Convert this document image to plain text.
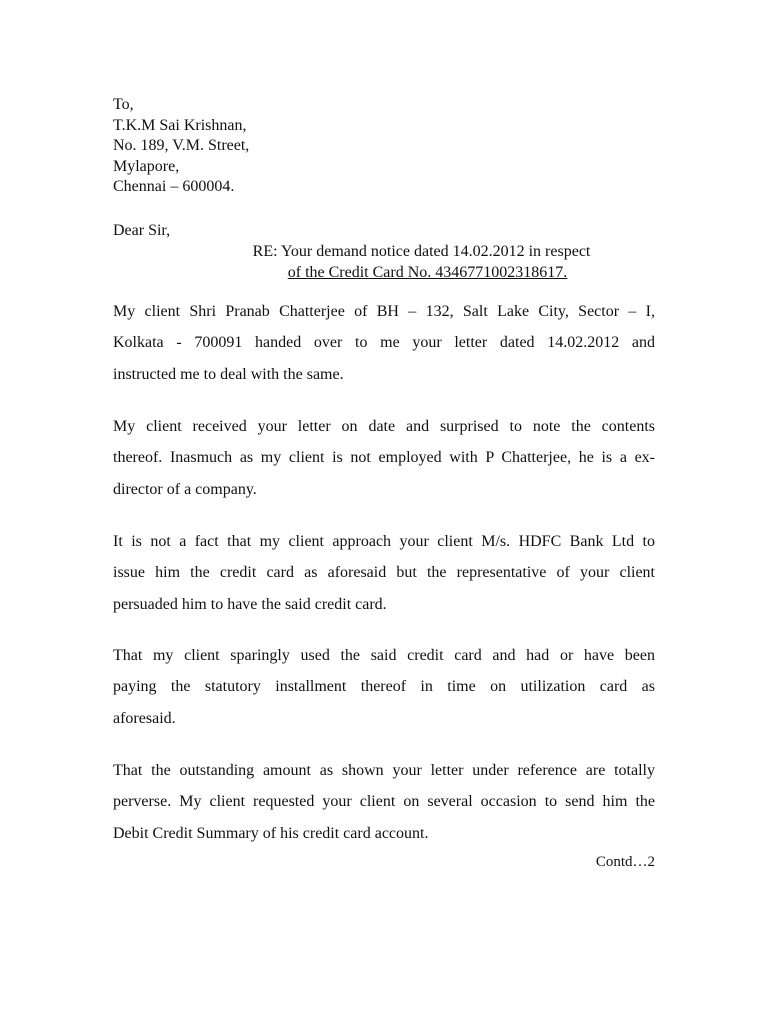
To,
T.K.M Sai Krishnan,
No. 189, V.M. Street,
Mylapore,
Chennai – 600004.
Dear Sir,
RE: Your demand notice dated 14.02.2012 in respect
of the Credit Card No. 4346771002318617.
My client Shri Pranab Chatterjee of BH – 132, Salt Lake City, Sector – I,
Kolkata - 700091 handed over to me your letter dated 14.02.2012 and
instructed me to deal with the same.
My client received your letter on date and surprised to note the contents
thereof. Inasmuch as my client is not employed with P Chatterjee, he is a ex-
director of a company.
It is not a fact that my client approach your client M/s. HDFC Bank Ltd to
issue him the credit card as aforesaid but the representative of your client
persuaded him to have the said credit card.
That my client sparingly used the said credit card and had or have been
paying the statutory installment thereof in time on utilization card as
aforesaid.
That the outstanding amount as shown your letter under reference are totally
perverse. My client requested your client on several occasion to send him the
Debit Credit Summary of his credit card account.
Contd…2
